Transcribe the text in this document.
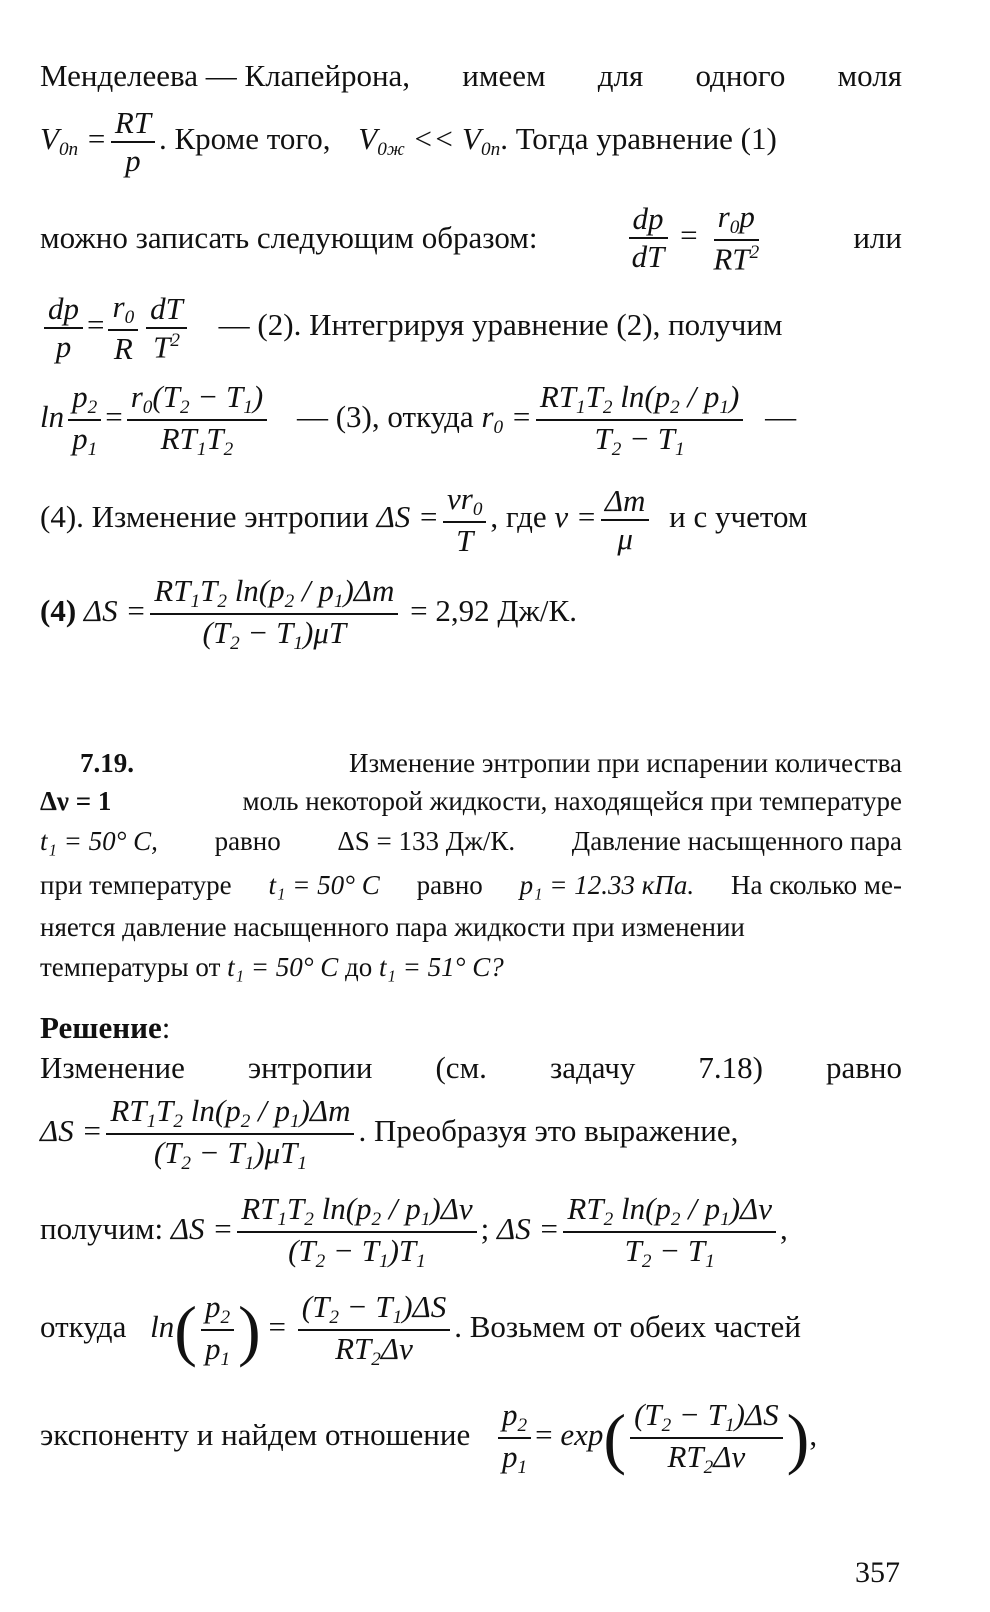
Менделеева — Клапейрона, имеем для одного моля
$V_{0п} = \frac{RT}{p}$ . Кроме того, $V_{0ж} << V_{0п}$. Тогда уравнение (1)
можно записать следующим образом:	$\frac{dp}{dT} = \frac{r_0p}{RT^2}$	или
$\frac{dp}{p} = \frac{r_0}{R} \frac{dT}{T^2}$ — (2). Интегрируя уравнение (2), получим
$\ln \frac{p_2}{p_1} = \frac{r_0(T_2 - T_1)}{RT_1T_2}$ — (3), откуда $r_0 = \frac{RT_1T_2 \ln(p_2 / p_1)}{T_2 - T_1}$ —
(4). Изменение энтропии $\Delta S = \frac{\nu r_0}{T}$ , где $\nu = \frac{\Delta m}{\mu}$ и с учетом
(4) $\Delta S = \frac{RT_1T_2 \ln(p_2 / p_1)\Delta m}{(T_2 - T_1)\mu T} = 2,92$ Дж/К.
7.19.	Изменение энтропии при испарении количества
Δν = 1	моль некоторой жидкости, находящейся при температуре
t₁ = 50° C, равно ΔS = 133 Дж/К. Давление насыщенного пара
при температуре t₁ = 50° C равно p₁ = 12.33 кПа. На сколько ме-
няется давление насыщенного пара жидкости при изменении
температуры от t₁ = 50° C до t₁ = 51° C?
Решение:
Изменение энтропии (см. задачу 7.18) равно
$\Delta S = \frac{RT_1T_2 \ln(p_2 / p_1)\Delta m}{(T_2 - T_1)\mu T_1}$ . Преобразуя это выражение,
получим: $\Delta S = \frac{RT_1T_2 \ln(p_2 / p_1)\Delta\nu}{(T_2 - T_1)T_1}$ ; $\Delta S = \frac{RT_2 \ln(p_2 / p_1)\Delta\nu}{T_2 - T_1}$ ,
откуда $\ln( \frac{p_2}{p_1}$ ) = $\frac{(T_2 - T_1)\Delta S}{RT_2\Delta\nu}$ . Возьмем от обеих частей
экспоненту и найдем отношение $\frac{p_2}{p_1} = \exp( \frac{(T_2 - T_1)\Delta S}{RT_2\Delta\nu}$ ),
357
